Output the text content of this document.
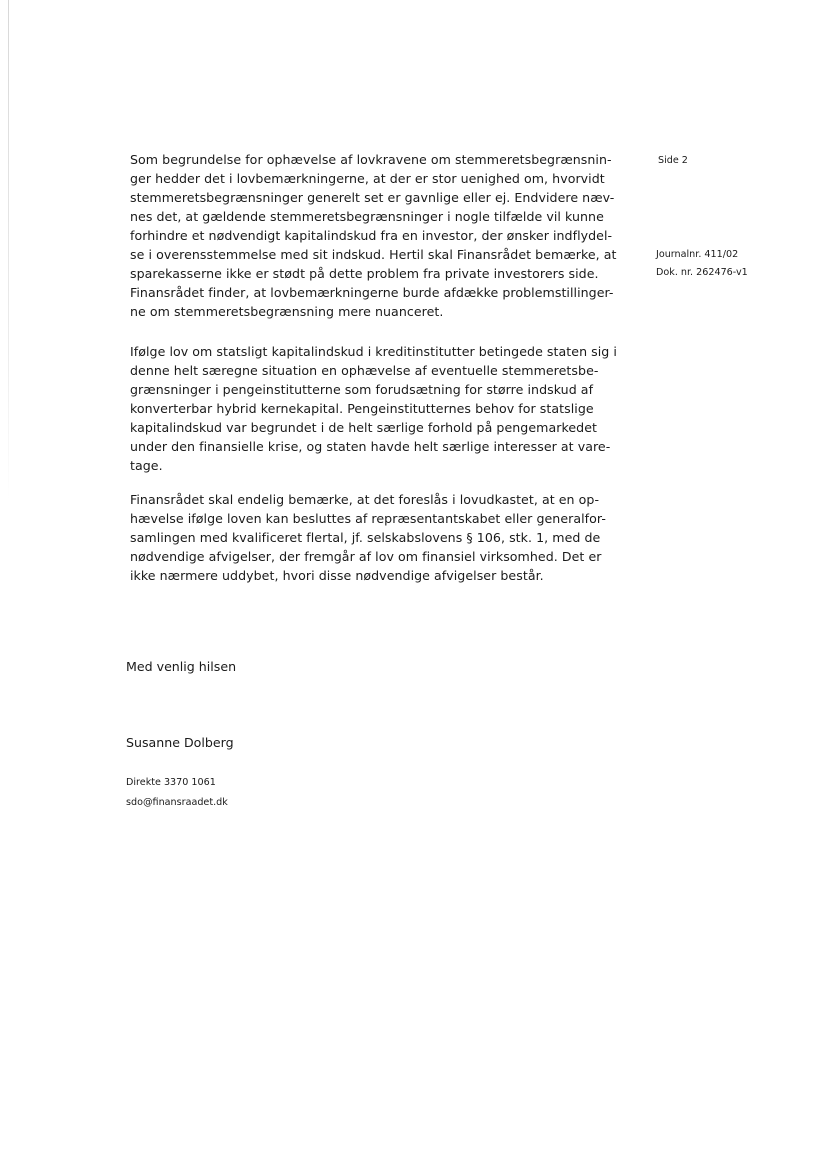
Side 2
Journalnr. 411/02
Dok. nr. 262476-v1

Som begrundelse for ophævelse af lovkravene om stemmeretsbegrænsnin-
ger hedder det i lovbemærkningerne, at der er stor uenighed om, hvorvidt
stemmeretsbegrænsninger generelt set er gavnlige eller ej. Endvidere næv-
nes det, at gældende stemmeretsbegrænsninger i nogle tilfælde vil kunne
forhindre et nødvendigt kapitalindskud fra en investor, der ønsker indflydel-
se i overensstemmelse med sit indskud. Hertil skal Finansrådet bemærke, at
sparekasserne ikke er stødt på dette problem fra private investorers side.
Finansrådet finder, at lovbemærkningerne burde afdække problemstillinger-
ne om stemmeretsbegrænsning mere nuanceret.

Ifølge lov om statsligt kapitalindskud i kreditinstitutter betingede staten sig i
denne helt særegne situation en ophævelse af eventuelle stemmeretsbe-
grænsninger i pengeinstitutterne som forudsætning for større indskud af
konverterbar hybrid kernekapital. Pengeinstitutternes behov for statslige
kapitalindskud var begrundet i de helt særlige forhold på pengemarkedet
under den finansielle krise, og staten havde helt særlige interesser at vare-
tage.

Finansrådet skal endelig bemærke, at det foreslås i lovudkastet, at en op-
hævelse ifølge loven kan besluttes af repræsentantskabet eller generalfor-
samlingen med kvalificeret flertal, jf. selskabslovens § 106, stk. 1, med de
nødvendige afvigelser, der fremgår af lov om finansiel virksomhed. Det er
ikke nærmere uddybet, hvori disse nødvendige afvigelser består.

Med venlig hilsen
Susanne Dolberg
Direkte 3370 1061
sdo@finansraadet.dk
